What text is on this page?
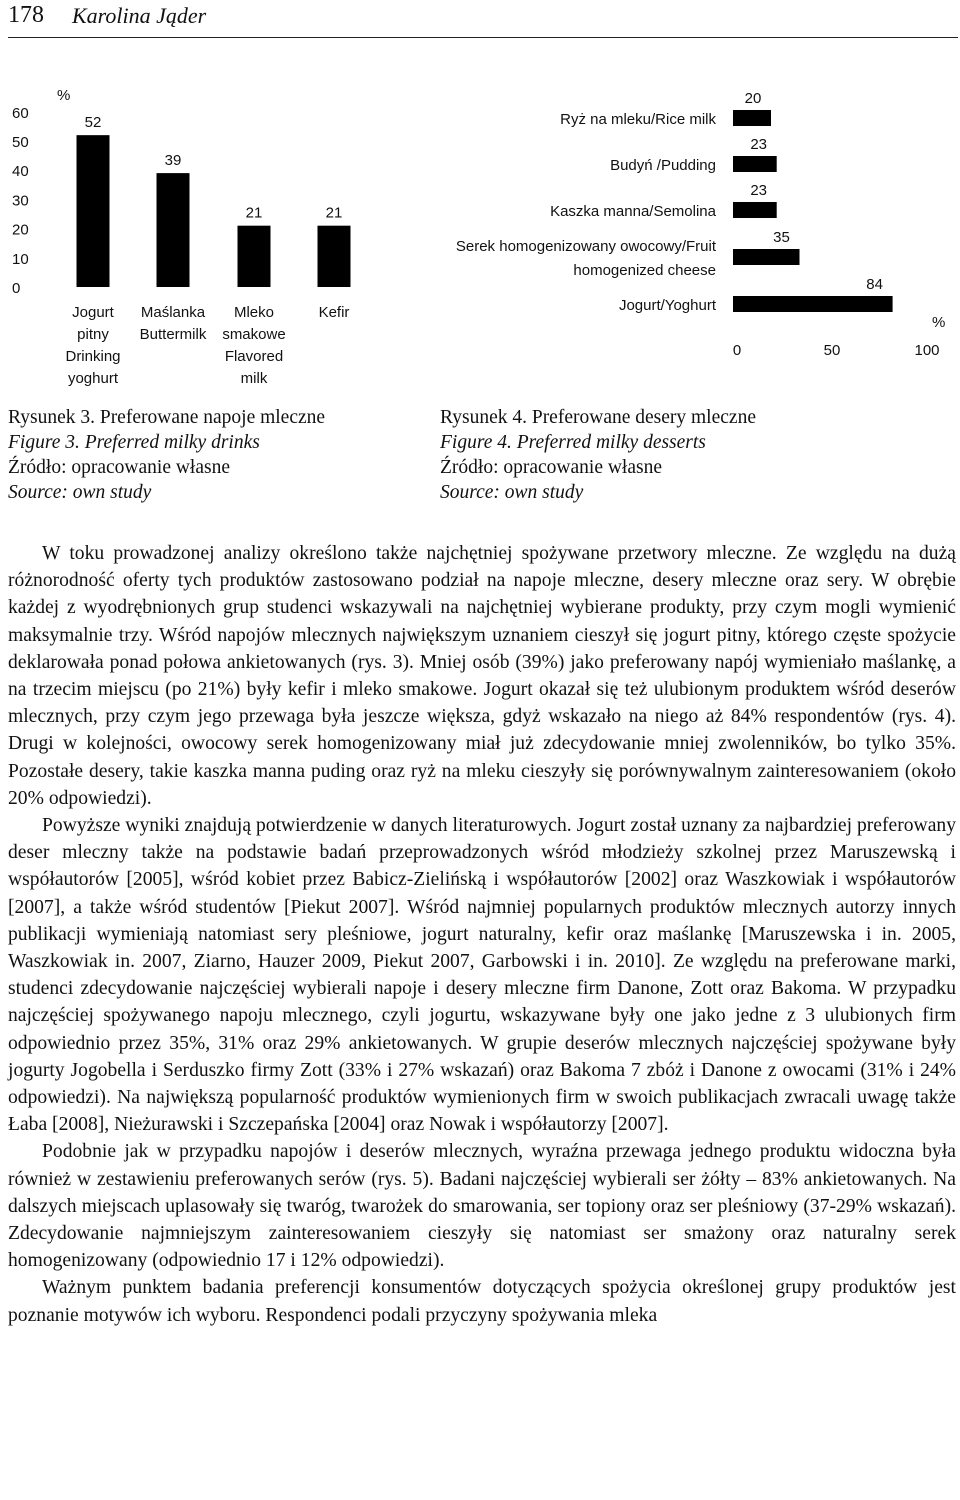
178 Karolina Jąder
60
50
40
30
20
10
0
%
52
Jogurt
pitny
Drinking
yoghurt
39
Maślanka
Buttermilk
21
Mleko
smakowe
Flavored
milk
21
Kefir
20
Ryż na mleku/Rice milk
23
Budyń /Pudding
23
Kaszka manna/Semolina
35
Serek homogenizowany owocowy/Fruit
homogenized cheese
84
Jogurt/Yoghurt
0	50	100
%
Rysunek 3. Preferowane napoje mleczne
Figure 3. Preferred milky drinks
Źródło: opracowanie własne
Source: own study
Rysunek 4. Preferowane desery mleczne
Figure 4. Preferred milky desserts
Źródło: opracowanie własne
Source: own study

W toku prowadzonej analizy określono także najchętniej spożywane przetwory mleczne. Ze względu na dużą różnorodność oferty tych produktów zastosowano podział na napoje mleczne, desery mleczne oraz sery. W obrębie każdej z wyodrębnionych grup studenci wskazywali na najchętniej wybierane produkty, przy czym mogli wymienić maksymalnie trzy. Wśród napojów mlecznych największym uznaniem cieszył się jogurt pitny, którego częste spożycie deklarowała ponad połowa ankietowanych (rys. 3). Mniej osób (39%) jako preferowany napój wymieniało maślankę, a na trzecim miejscu (po 21%) były kefir i mleko smakowe. Jogurt okazał się też ulubionym produktem wśród deserów mlecznych, przy czym jego przewaga była jeszcze większa, gdyż wskazało na niego aż 84% respondentów (rys. 4). Drugi w kolejności, owocowy serek homogenizowany miał już zdecydowanie mniej zwolenników, bo tylko 35%. Pozostałe desery, takie kaszka manna puding oraz ryż na mleku cieszyły się porównywalnym zainteresowaniem (około 20% odpowiedzi).

Powyższe wyniki znajdują potwierdzenie w danych literaturowych. Jogurt został uznany za najbardziej preferowany deser mleczny także na podstawie badań przeprowadzonych wśród młodzieży szkolnej przez Maruszewską i współautorów [2005], wśród kobiet przez Babicz-Zielińską i współautorów [2002] oraz Waszkowiak i współautorów [2007], a także wśród studentów [Piekut 2007]. Wśród najmniej popularnych produktów mlecznych autorzy innych publikacji wymieniają natomiast sery pleśniowe, jogurt naturalny, kefir oraz maślankę [Maruszewska i in. 2005, Waszkowiak in. 2007, Ziarno, Hauzer 2009, Piekut 2007, Garbowski i in. 2010]. Ze względu na preferowane marki, studenci zdecydowanie najczęściej wybierali napoje i desery mleczne firm Danone, Zott oraz Bakoma. W przypadku najczęściej spożywanego napoju mlecznego, czyli jogurtu, wskazywane były one jako jedne z 3 ulubionych firm odpowiednio przez 35%, 31% oraz 29% ankietowanych. W grupie deserów mlecznych najczęściej spożywane były jogurty Jogobella i Serduszko firmy Zott (33% i 27% wskazań) oraz Bakoma 7 zbóż i Danone z owocami (31% i 24% odpowiedzi). Na największą popularność produktów wymienionych firm w swoich publikacjach zwracali uwagę także Łaba [2008], Nieżurawski i Szczepańska [2004] oraz Nowak i współautorzy [2007].

Podobnie jak w przypadku napojów i deserów mlecznych, wyraźna przewaga jednego produktu widoczna była również w zestawieniu preferowanych serów (rys. 5). Badani najczęściej wybierali ser żółty – 83% ankietowanych. Na dalszych miejscach uplasowały się twaróg, twarożek do smarowania, ser topiony oraz ser pleśniowy (37-29% wskazań). Zdecydowanie najmniejszym zainteresowaniem cieszyły się natomiast ser smażony oraz naturalny serek homogenizowany (odpowiednio 17 i 12% odpowiedzi).

Ważnym punktem badania preferencji konsumentów dotyczących spożycia określonej grupy produktów jest poznanie motywów ich wyboru. Respondenci podali przyczyny spożywania mleka
